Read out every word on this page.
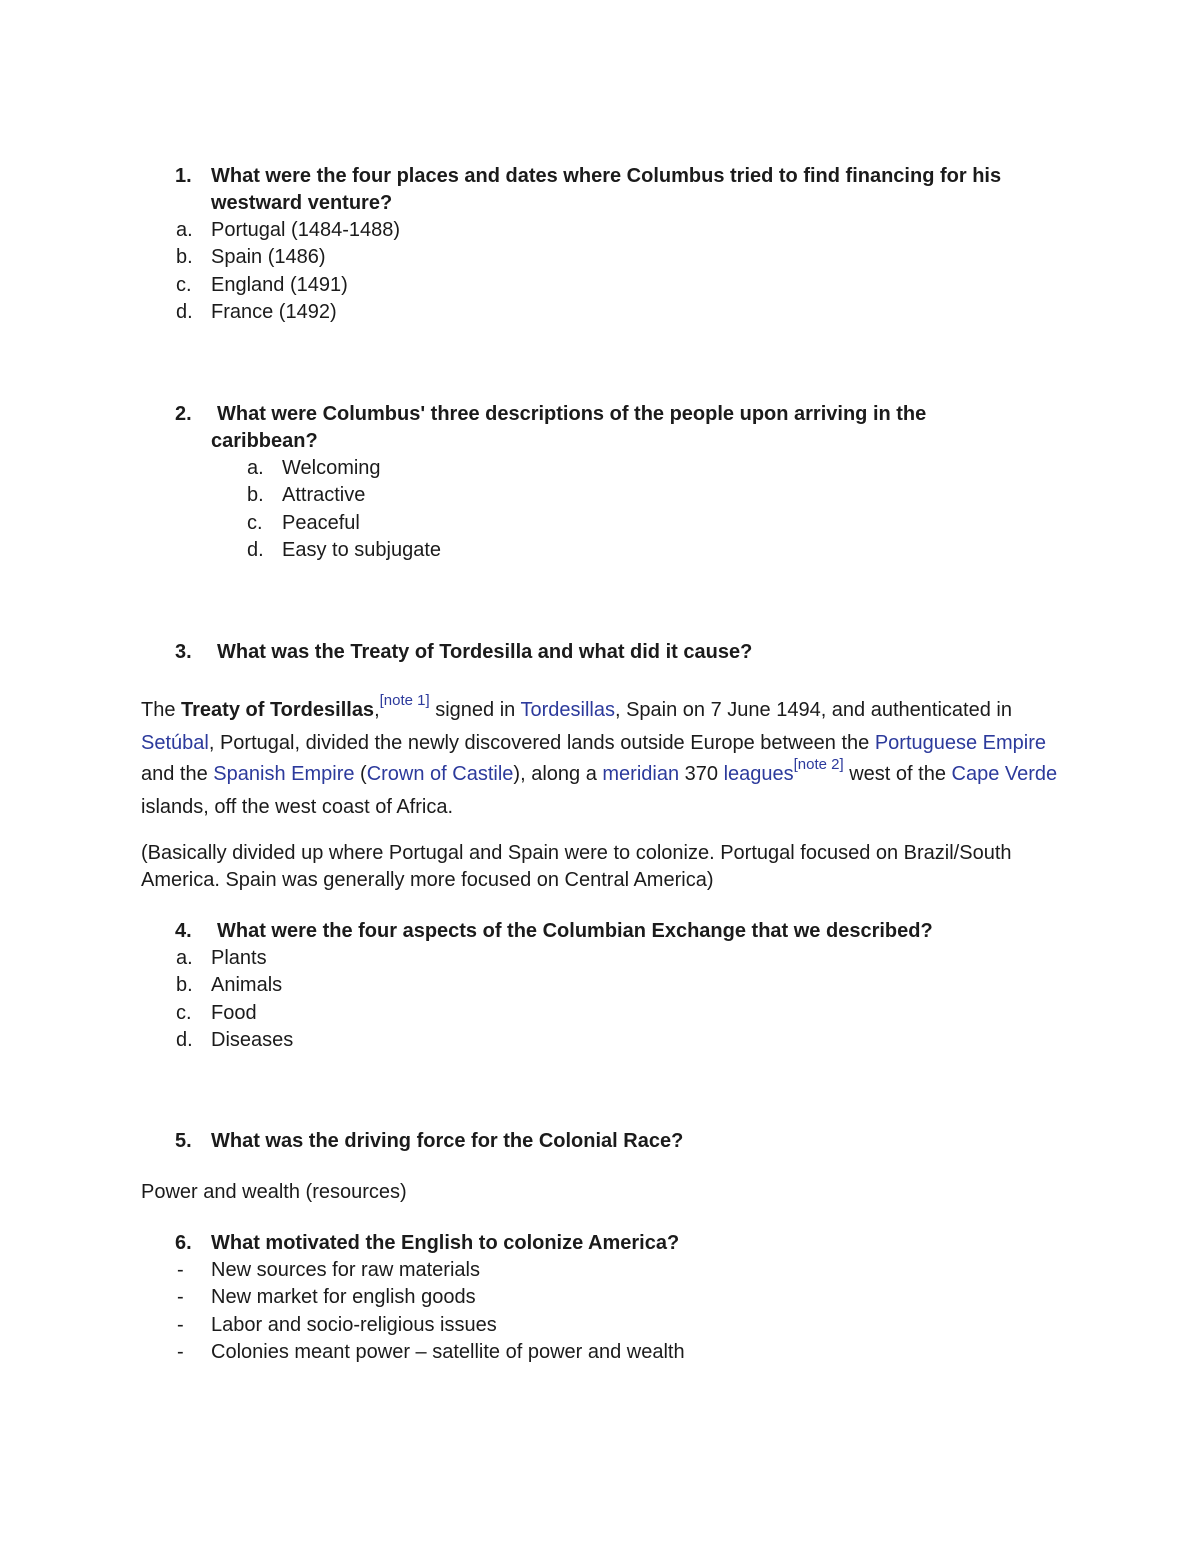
1. What were the four places and dates where Columbus tried to find financing for his westward venture?
a. Portugal (1484-1488)
b. Spain (1486)
c. England (1491)
d. France (1492)
2.	What were Columbus' three descriptions of the people upon arriving in the
caribbean?
a. Welcoming
b. Attractive
c. Peaceful
d. Easy to subjugate
3.	What was the Treaty of Tordesilla and what did it cause?

The Treaty of Tordesillas,[note 1] signed in Tordesillas, Spain on 7 June 1494, and authenticated in Setúbal, Portugal, divided the newly discovered lands outside Europe between the Portuguese Empire and the Spanish Empire (Crown of Castile), along a meridian 370 leagues[note 2] west of the Cape Verde islands, off the west coast of Africa.

(Basically divided up where Portugal and Spain were to colonize. Portugal focused on Brazil/South America. Spain was generally more focused on Central America)

4.	What were the four aspects of the Columbian Exchange that we described?
a. Plants
b. Animals
c. Food
d. Diseases
5. What was the driving force for the Colonial Race?

Power and wealth (resources)

6. What motivated the English to colonize America?
- New sources for raw materials
- New market for english goods
- Labor and socio-religious issues
- Colonies meant power – satellite of power and wealth
